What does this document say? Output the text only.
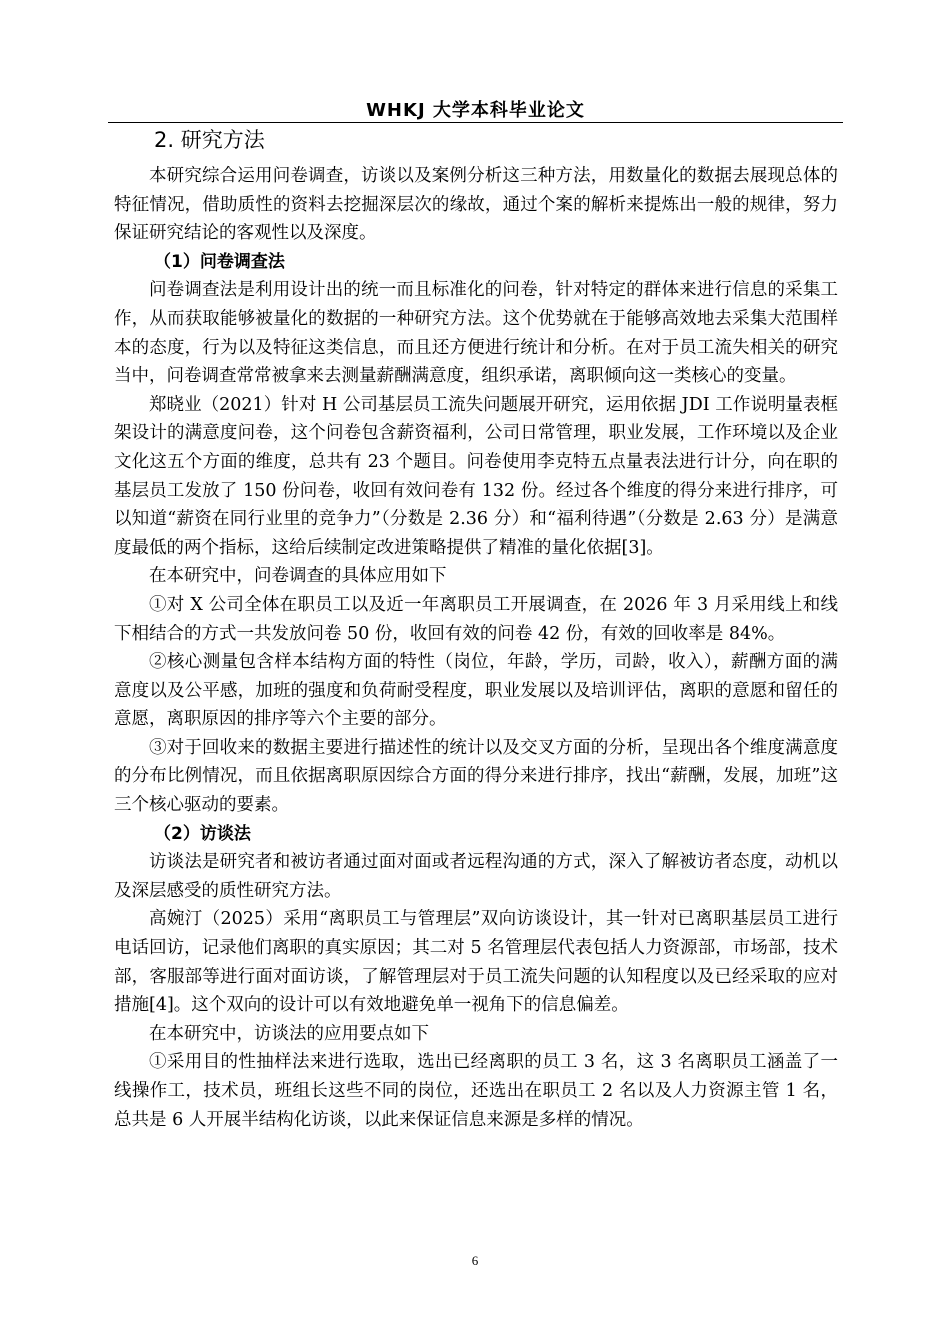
WHKJ 大学本科毕业论文
2. 研究方法

本研究综合运用问卷调查，访谈以及案例分析这三种方法，用数量化的数据去展现总体的特征情况，借助质性的资料去挖掘深层次的缘故，通过个案的解析来提炼出一般的规律，努力保证研究结论的客观性以及深度。

（1）问卷调查法

问卷调查法是利用设计出的统一而且标准化的问卷，针对特定的群体来进行信息的采集工作，从而获取能够被量化的数据的一种研究方法。这个优势就在于能够高效地去采集大范围样本的态度，行为以及特征这类信息，而且还方便进行统计和分析。在对于员工流失相关的研究当中，问卷调查常常被拿来去测量薪酬满意度，组织承诺，离职倾向这一类核心的变量。

郑晓业（2021）针对 H 公司基层员工流失问题展开研究，运用依据 JDI 工作说明量表框架设计的满意度问卷，这个问卷包含薪资福利，公司日常管理，职业发展，工作环境以及企业文化这五个方面的维度，总共有 23 个题目。问卷使用李克特五点量表法进行计分，向在职的基层员工发放了 150 份问卷，收回有效问卷有 132 份。经过各个维度的得分来进行排序，可以知道“薪资在同行业里的竞争力”（分数是 2.36 分）和“福利待遇”（分数是 2.63 分）是满意度最低的两个指标，这给后续制定改进策略提供了精准的量化依据[3]。

在本研究中，问卷调查的具体应用如下

①对 X 公司全体在职员工以及近一年离职员工开展调查，在 2026 年 3 月采用线上和线下相结合的方式一共发放问卷 50 份，收回有效的问卷 42 份，有效的回收率是 84%。

②核心测量包含样本结构方面的特性（岗位，年龄，学历，司龄，收入），薪酬方面的满意度以及公平感，加班的强度和负荷耐受程度，职业发展以及培训评估，离职的意愿和留任的意愿，离职原因的排序等六个主要的部分。

③对于回收来的数据主要进行描述性的统计以及交叉方面的分析，呈现出各个维度满意度的分布比例情况，而且依据离职原因综合方面的得分来进行排序，找出“薪酬，发展，加班”这三个核心驱动的要素。

（2）访谈法

访谈法是研究者和被访者通过面对面或者远程沟通的方式，深入了解被访者态度，动机以及深层感受的质性研究方法。

高婉汀（2025）采用“离职员工与管理层”双向访谈设计，其一针对已离职基层员工进行电话回访，记录他们离职的真实原因；其二对 5 名管理层代表包括人力资源部，市场部，技术部，客服部等进行面对面访谈，了解管理层对于员工流失问题的认知程度以及已经采取的应对措施[4]。这个双向的设计可以有效地避免单一视角下的信息偏差。

在本研究中，访谈法的应用要点如下

①采用目的性抽样法来进行选取，选出已经离职的员工 3 名，这 3 名离职员工涵盖了一线操作工，技术员，班组长这些不同的岗位，还选出在职员工 2 名以及人力资源主管 1 名，总共是 6 人开展半结构化访谈，以此来保证信息来源是多样的情况。

6
